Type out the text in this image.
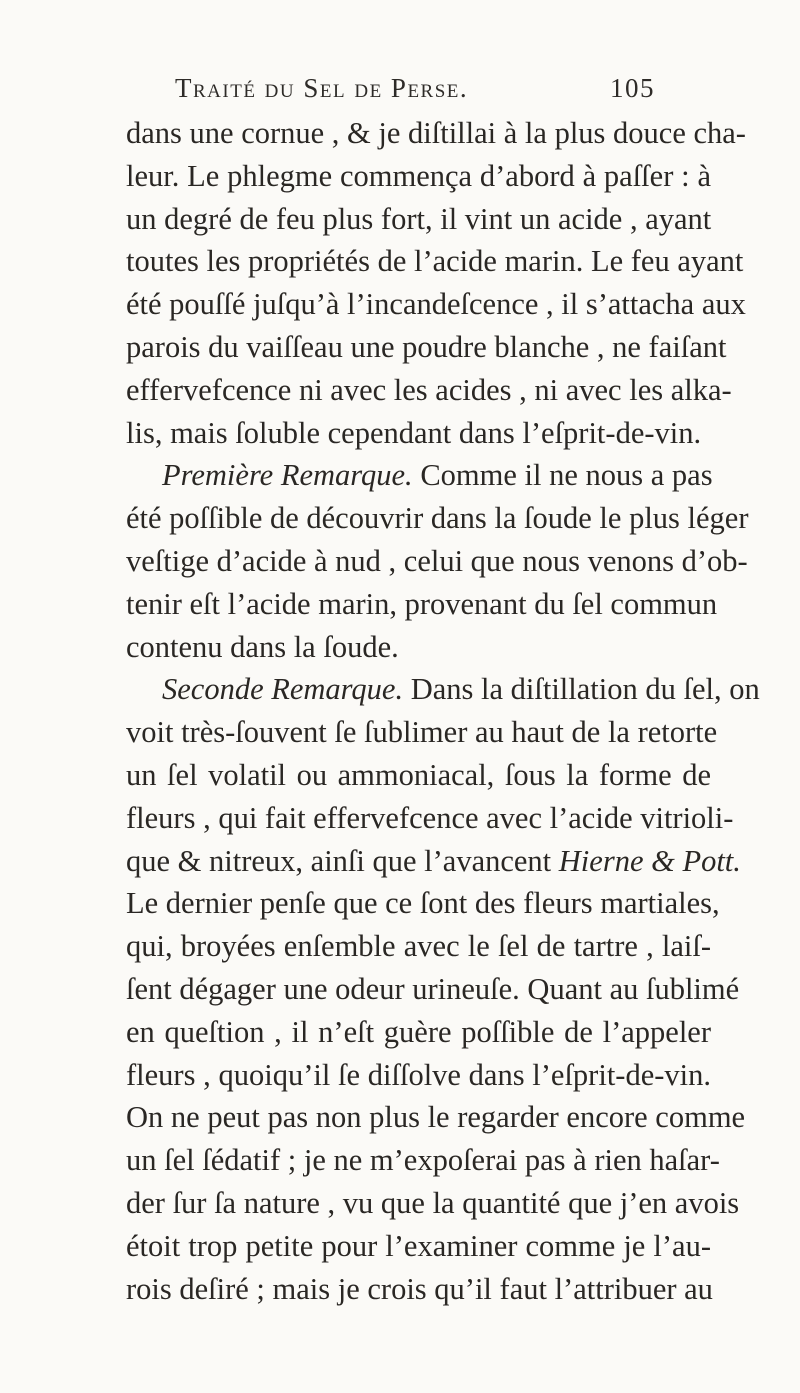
Traité du Sel de Perse.	105
dans une cornue , & je diſtillai à la plus douce cha-
leur. Le phlegme commença d’abord à paſſer : à
un degré de feu plus fort, il vint un acide , ayant
toutes les propriétés de l’acide marin. Le feu ayant
été pouſſé juſqu’à l’incandeſcence , il s’attacha aux
parois du vaiſſeau une poudre blanche , ne faiſant
effervefcence ni avec les acides , ni avec les alka-
lis, mais ſoluble cependant dans l’eſprit-de-vin.
Première Remarque. Comme il ne nous a pas
été poſſible de découvrir dans la ſoude le plus léger
veſtige d’acide à nud , celui que nous venons d’ob-
tenir eſt l’acide marin, provenant du ſel commun
contenu dans la ſoude.
Seconde Remarque. Dans la diſtillation du ſel, on
voit très-ſouvent ſe ſublimer au haut de la retorte
un ſel volatil ou ammoniacal, ſous la forme de
fleurs , qui fait effervefcence avec l’acide vitrioli-
que & nitreux, ainſi que l’avancent Hierne & Pott.
Le dernier penſe que ce ſont des fleurs martiales,
qui, broyées enſemble avec le ſel de tartre , laiſ-
ſent dégager une odeur urineuſe. Quant au ſublimé
en queſtion , il n’eſt guère poſſible de l’appeler
fleurs , quoiqu’il ſe diſſolve dans l’eſprit-de-vin.
On ne peut pas non plus le regarder encore comme
un ſel ſédatif ; je ne m’expoſerai pas à rien haſar-
der ſur ſa nature , vu que la quantité que j’en avois
étoit trop petite pour l’examiner comme je l’au-
rois deſiré ; mais je crois qu’il faut l’attribuer au
